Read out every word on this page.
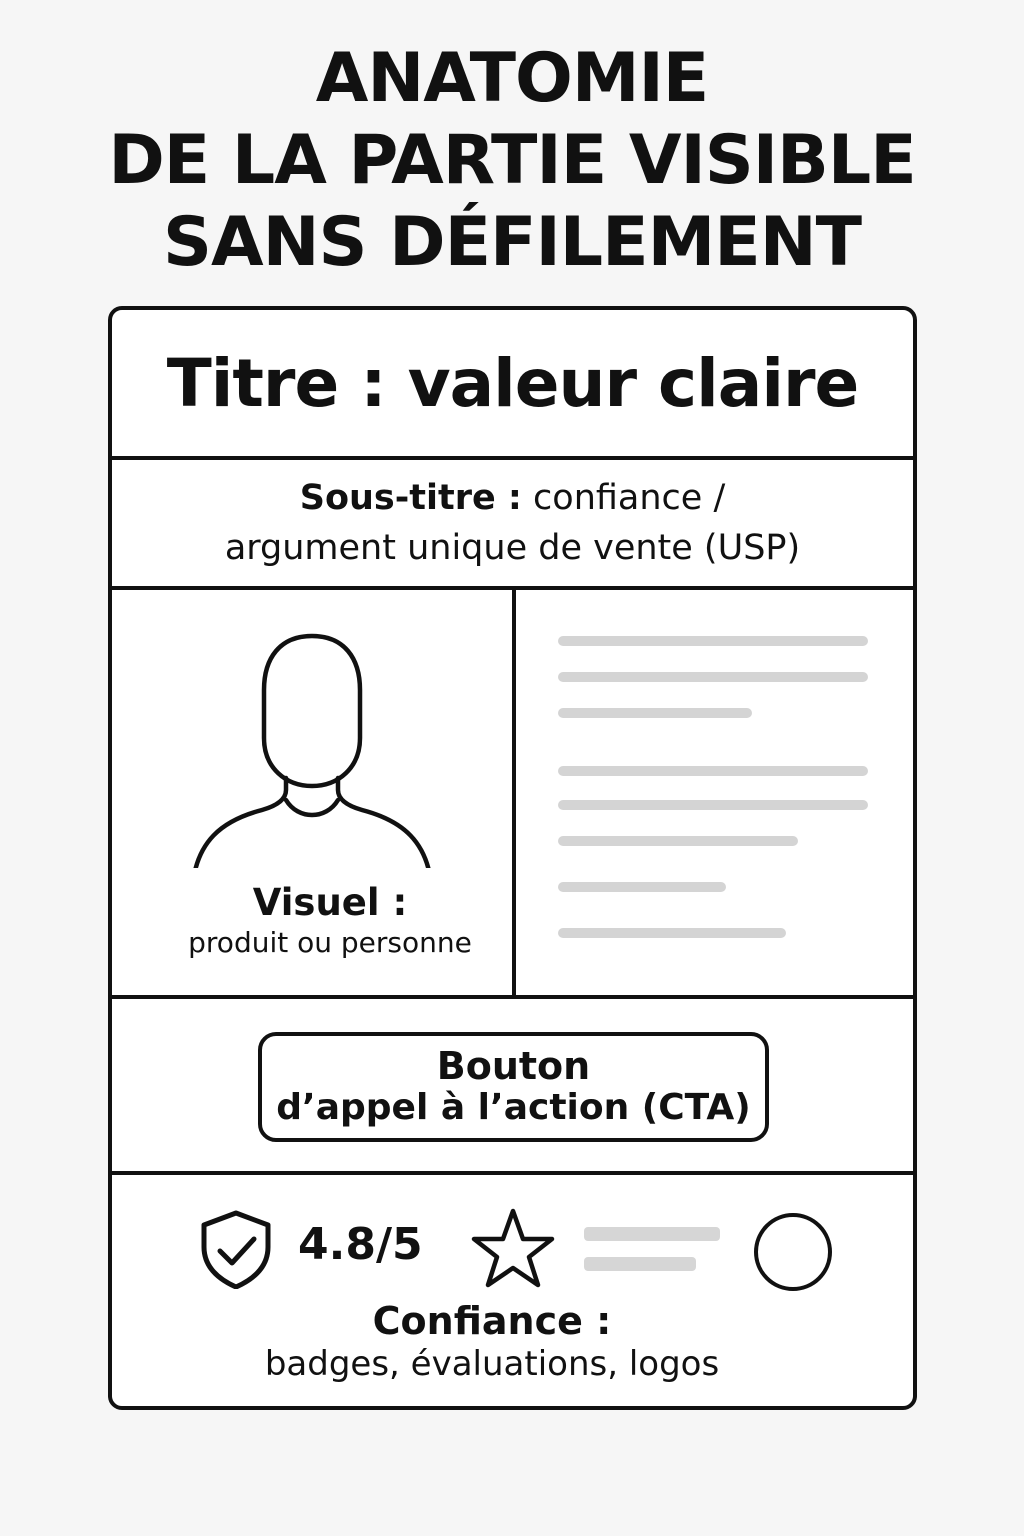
ANATOMIE
DE LA PARTIE VISIBLE
SANS DÉFILEMENT
Titre : valeur claire
Sous-titre : confiance /
argument unique de vente (USP)
Visuel :
produit ou personne
Bouton
d’appel à l’action (CTA)
4.8/5
Confiance :
badges, évaluations, logos
